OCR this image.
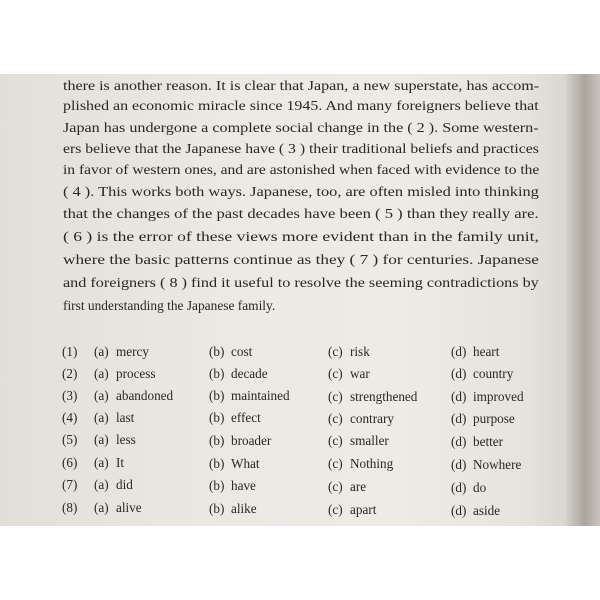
there is another reason. It is clear that Japan, a new superstate, has accom-
plished an economic miracle since 1945. And many foreigners believe that
Japan has undergone a complete social change in the ( 2 ). Some western-
ers believe that the Japanese have ( 3 ) their traditional beliefs and practices
in favor of western ones, and are astonished when faced with evidence to the
( 4 ). This works both ways. Japanese, too, are often misled into thinking
that the changes of the past decades have been ( 5 ) than they really are.
( 6 ) is the error of these views more evident than in the family unit,
where the basic patterns continue as they ( 7 ) for centuries. Japanese
and foreigners ( 8 ) find it useful to resolve the seeming contradictions by
first understanding the Japanese family.
(1) (a) mercy	(b) cost	(c) risk	(d) heart
(2) (a) process	(b) decade	(c) war	(d) country
(3) (a) abandoned	(b) maintained	(c) strengthened	(d) improved
(4) (a) last	(b) effect	(c) contrary	(d) purpose
(5) (a) less	(b) broader	(c) smaller	(d) better
(6) (a) It	(b) What	(c) Nothing	(d) Nowhere
(7) (a) did	(b) have	(c) are	(d) do
(8) (a) alive	(b) alike	(c) apart	(d) aside
